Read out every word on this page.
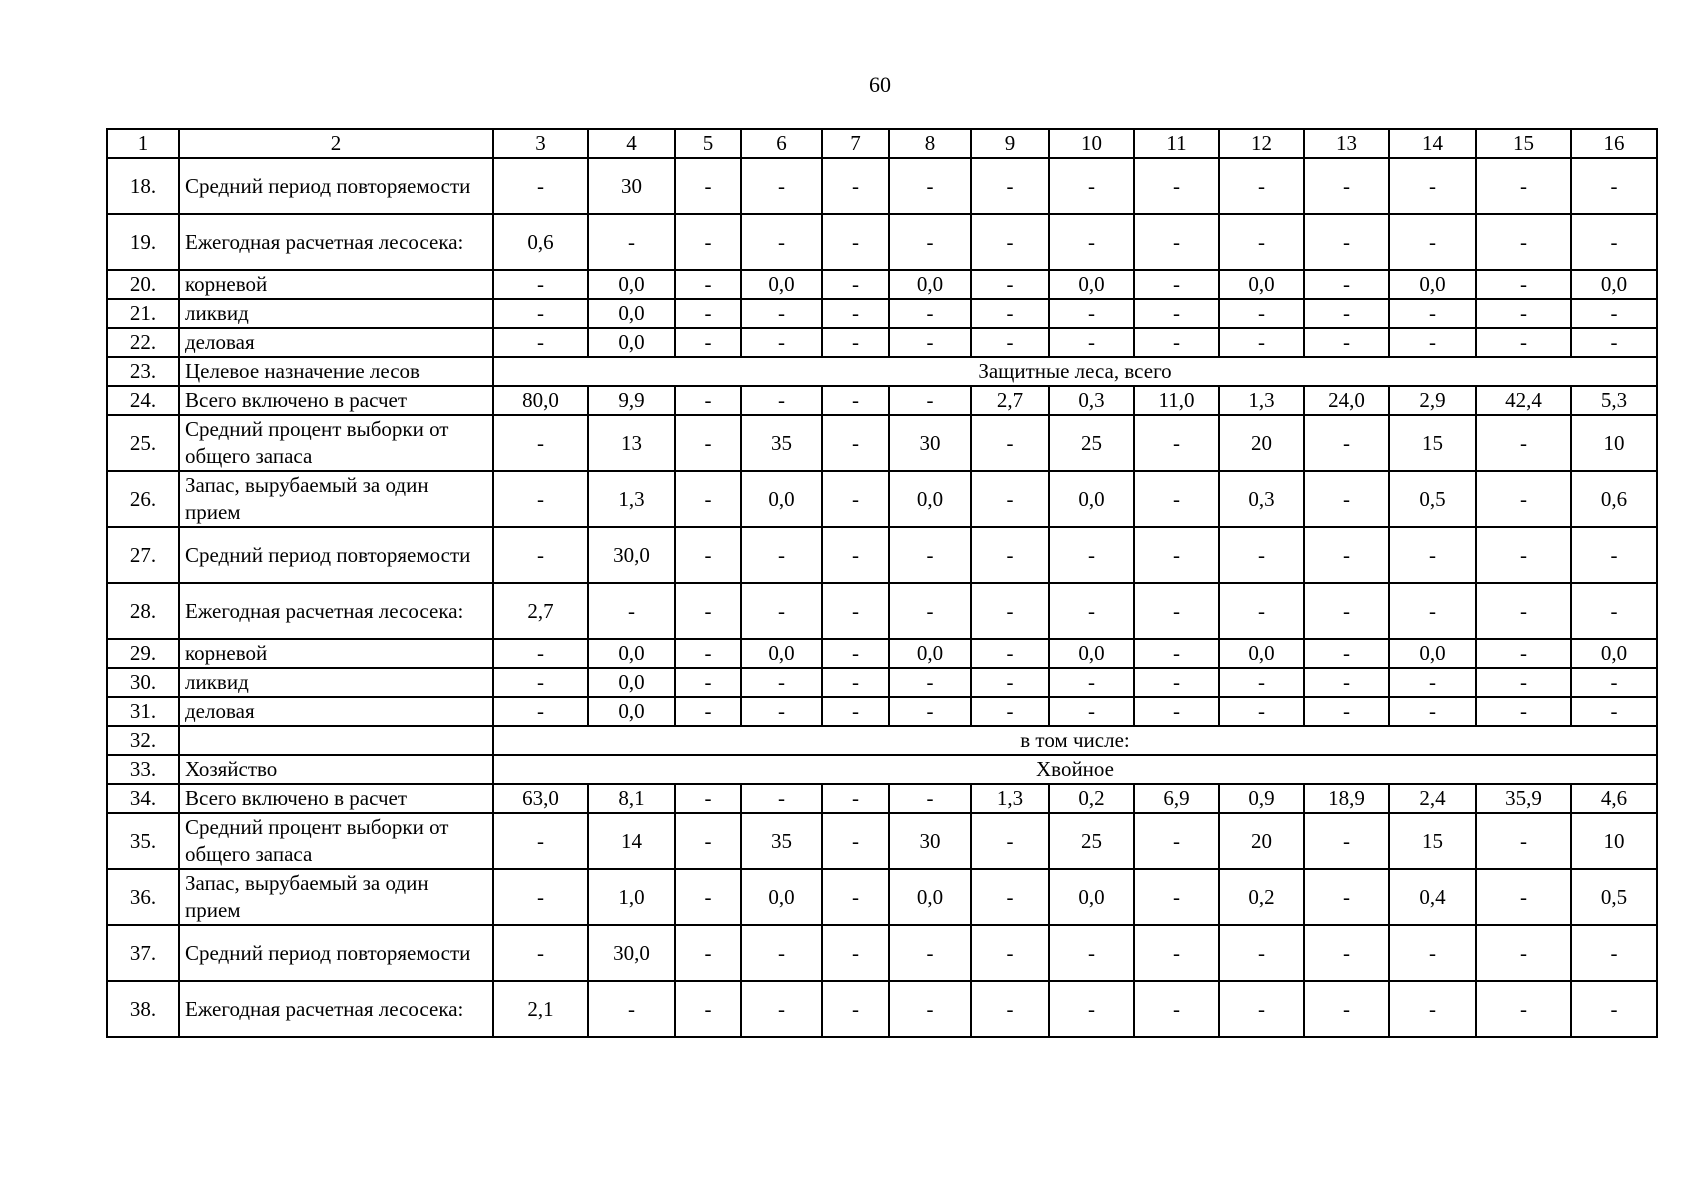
60
1	2	3	4	5	6	7	8	9	10	11	12	13	14	15	16
18.	Средний период повторяемости	-	30	-	-	-	-	-	-	-	-	-	-	-	-
19.	Ежегодная расчетная лесосека:	0,6	-	-	-	-	-	-	-	-	-	-	-	-	-
20.	корневой	-	0,0	-	0,0	-	0,0	-	0,0	-	0,0	-	0,0	-	0,0
21.	ликвид	-	0,0	-	-	-	-	-	-	-	-	-	-	-	-
22.	деловая	-	0,0	-	-	-	-	-	-	-	-	-	-	-	-
23.	Целевое назначение лесов	Защитные леса, всего													
24.	Всего включено в расчет	80,0	9,9	-	-	-	-	2,7	0,3	11,0	1,3	24,0	2,9	42,4	5,3
25.	Средний процент выборки от общего запаса	-	13	-	35	-	30	-	25	-	20	-	15	-	10
26.	Запас, вырубаемый за один прием	-	1,3	-	0,0	-	0,0	-	0,0	-	0,3	-	0,5	-	0,6
27.	Средний период повторяемости	-	30,0	-	-	-	-	-	-	-	-	-	-	-	-
28.	Ежегодная расчетная лесосека:	2,7	-	-	-	-	-	-	-	-	-	-	-	-	-
29.	корневой	-	0,0	-	0,0	-	0,0	-	0,0	-	0,0	-	0,0	-	0,0
30.	ликвид	-	0,0	-	-	-	-	-	-	-	-	-	-	-	-
31.	деловая	-	0,0	-	-	-	-	-	-	-	-	-	-	-	-
32.		в том числе:													
33.	Хозяйство	Хвойное													
34.	Всего включено в расчет	63,0	8,1	-	-	-	-	1,3	0,2	6,9	0,9	18,9	2,4	35,9	4,6
35.	Средний процент выборки от общего запаса	-	14	-	35	-	30	-	25	-	20	-	15	-	10
36.	Запас, вырубаемый за один прием	-	1,0	-	0,0	-	0,0	-	0,0	-	0,2	-	0,4	-	0,5
37.	Средний период повторяемости	-	30,0	-	-	-	-	-	-	-	-	-	-	-	-
38.	Ежегодная расчетная лесосека:	2,1	-	-	-	-	-	-	-	-	-	-	-	-	-
